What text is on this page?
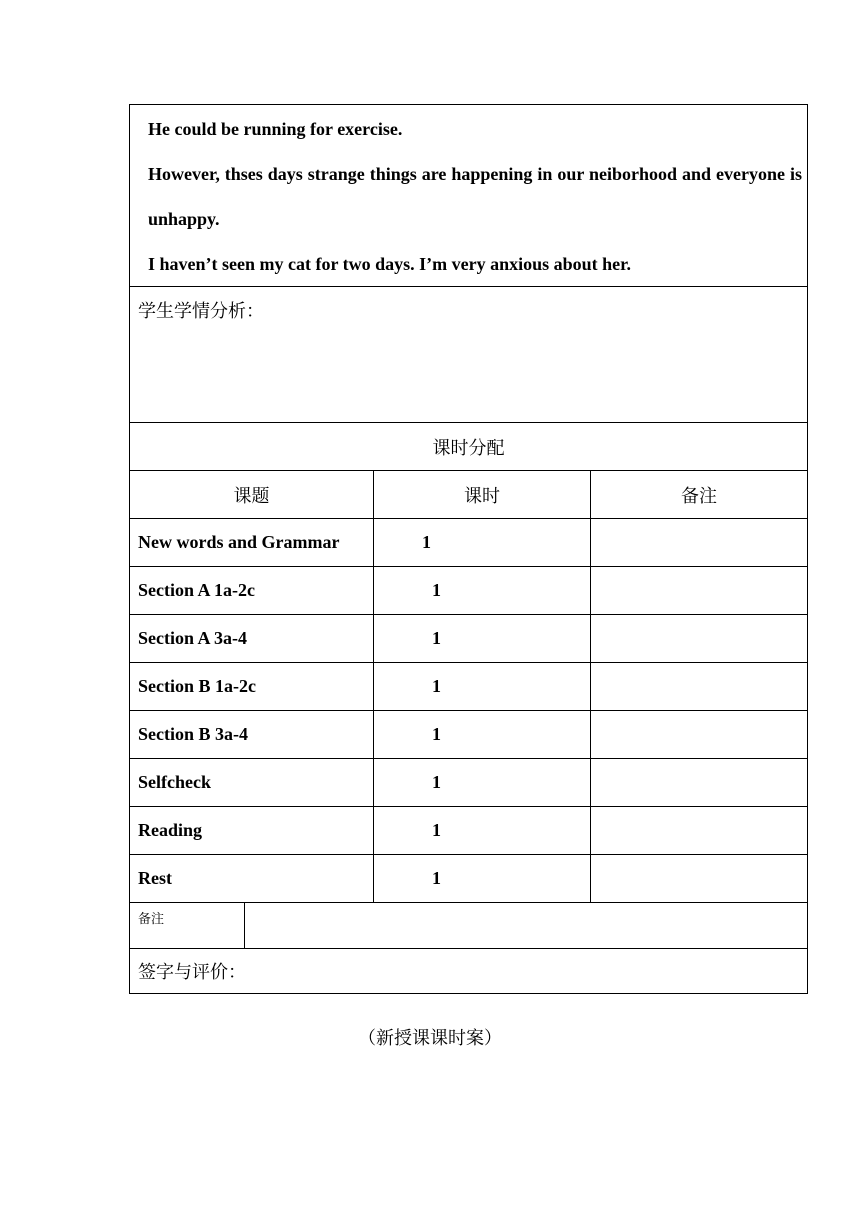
He could be running for exercise.

However, thses days strange things are happening in our neiborhood and everyone is unhappy.

I haven’t seen my cat for two days. I’m very anxious about her.

学生学情分析：
课时分配
课题	课时	备注
New words and Grammar	1
Section A 1a-2c	1
Section A 3a-4	1
Section B 1a-2c	1
Section B 3a-4	1
Selfcheck	1
Reading	1
Rest	1
备注
签字与评价：
（新授课课时案）
